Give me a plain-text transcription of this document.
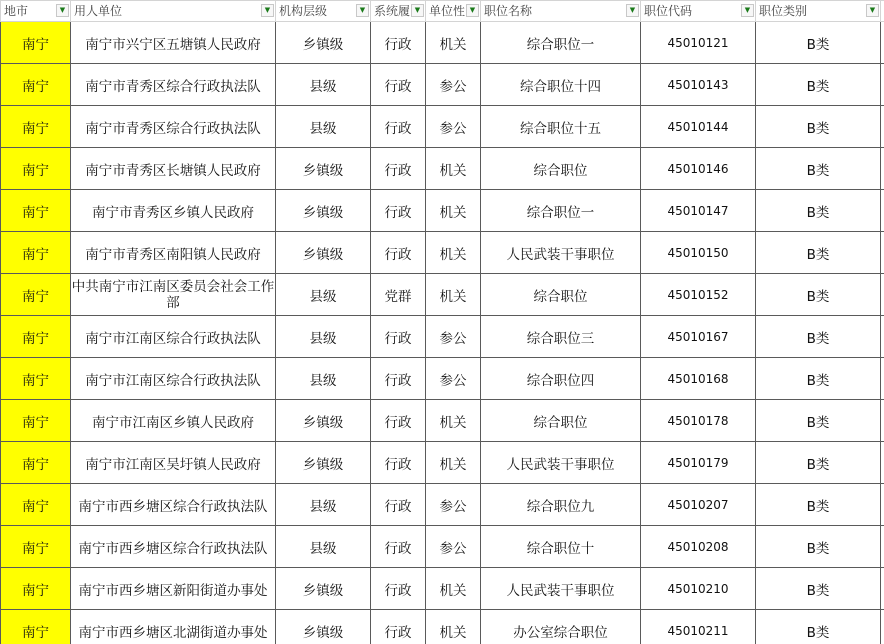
地市 ▼	用人单位 ▼	机构层级 ▼	系统履 ▼	单位性 ▼	职位名称 ▼	职位代码 ▼	职位类别 ▼	

南宁	南宁市兴宁区五塘镇人民政府	乡镇级	行政	机关	综合职位一	45010121	B类	
南宁	南宁市青秀区综合行政执法队	县级	行政	参公	综合职位十四	45010143	B类	
南宁	南宁市青秀区综合行政执法队	县级	行政	参公	综合职位十五	45010144	B类	
南宁	南宁市青秀区长塘镇人民政府	乡镇级	行政	机关	综合职位	45010146	B类	
南宁	南宁市青秀区乡镇人民政府	乡镇级	行政	机关	综合职位一	45010147	B类	
南宁	南宁市青秀区南阳镇人民政府	乡镇级	行政	机关	人民武装干事职位	45010150	B类	
南宁	中共南宁市江南区委员会社会工作部	县级	党群	机关	综合职位	45010152	B类	
南宁	南宁市江南区综合行政执法队	县级	行政	参公	综合职位三	45010167	B类	
南宁	南宁市江南区综合行政执法队	县级	行政	参公	综合职位四	45010168	B类	
南宁	南宁市江南区乡镇人民政府	乡镇级	行政	机关	综合职位	45010178	B类	
南宁	南宁市江南区吴圩镇人民政府	乡镇级	行政	机关	人民武装干事职位	45010179	B类	
南宁	南宁市西乡塘区综合行政执法队	县级	行政	参公	综合职位九	45010207	B类	
南宁	南宁市西乡塘区综合行政执法队	县级	行政	参公	综合职位十	45010208	B类	
南宁	南宁市西乡塘区新阳街道办事处	乡镇级	行政	机关	人民武装干事职位	45010210	B类	
南宁	南宁市西乡塘区北湖街道办事处	乡镇级	行政	机关	办公室综合职位	45010211	B类	
